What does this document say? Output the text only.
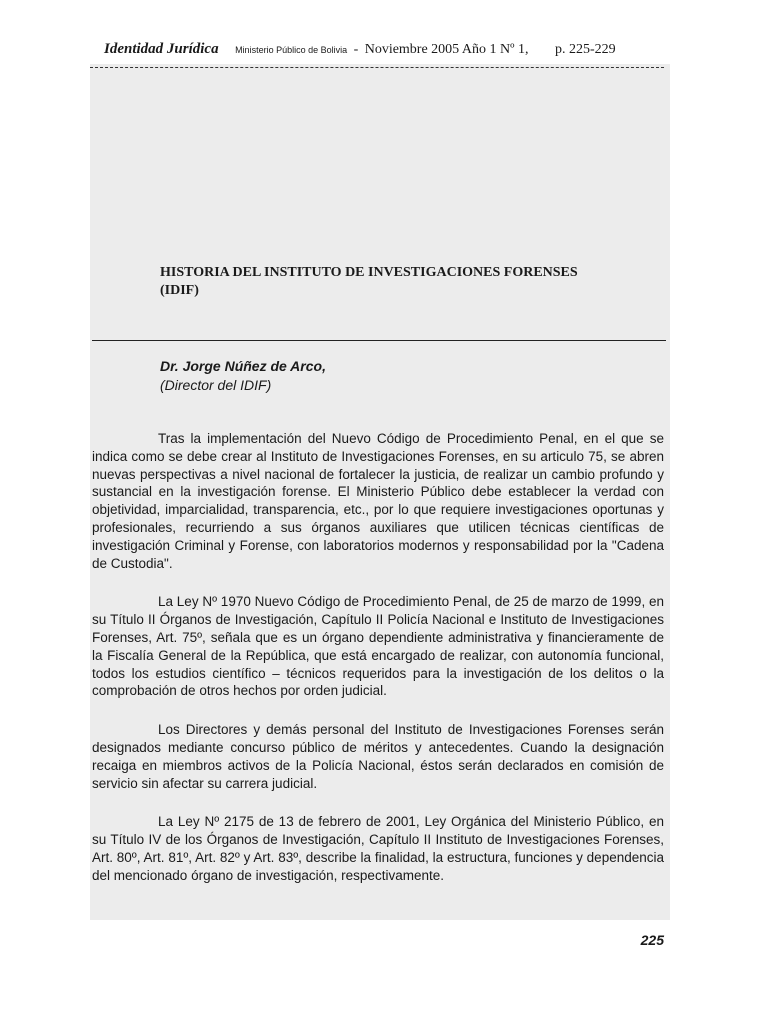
Identidad Jurídica Ministerio Público de Bolivia - Noviembre 2005 Año 1 Nº 1, p. 225-229
HISTORIA DEL INSTITUTO DE INVESTIGACIONES FORENSES
(IDIF)

Dr. Jorge Núñez de Arco,

(Director del IDIF)

Tras la implementación del Nuevo Código de Procedimiento Penal, en el que se indica como se debe crear al Instituto de Investigaciones Forenses, en su articulo 75, se abren nuevas perspectivas a nivel nacional de fortalecer la justicia, de realizar un cambio profundo y sustancial en la investigación forense. El Ministerio Público debe establecer la verdad con objetividad, imparcialidad, transparencia, etc., por lo que requiere investigaciones oportunas y profesionales, recurriendo a sus órganos auxiliares que utilicen técnicas científicas de investigación Criminal y Forense, con laboratorios modernos y responsabilidad por la "Cadena de Custodia".

La Ley Nº 1970 Nuevo Código de Procedimiento Penal, de 25 de marzo de 1999, en su Título II Órganos de Investigación, Capítulo II Policía Nacional e Instituto de Investigaciones Forenses, Art. 75º, señala que es un órgano dependiente administrativa y financieramente de la Fiscalía General de la República, que está encargado de realizar, con autonomía funcional, todos los estudios científico – técnicos requeridos para la investigación de los delitos o la comprobación de otros hechos por orden judicial.

Los Directores y demás personal del Instituto de Investigaciones Forenses serán designados mediante concurso público de méritos y antecedentes. Cuando la designación recaiga en miembros activos de la Policía Nacional, éstos serán declarados en comisión de servicio sin afectar su carrera judicial.

La Ley Nº 2175 de 13 de febrero de 2001, Ley Orgánica del Ministerio Público, en su Título IV de los Órganos de Investigación, Capítulo II Instituto de Investigaciones Forenses, Art. 80º, Art. 81º, Art. 82º y Art. 83º, describe la finalidad, la estructura, funciones y dependencia del mencionado órgano de investigación, respectivamente.

225
